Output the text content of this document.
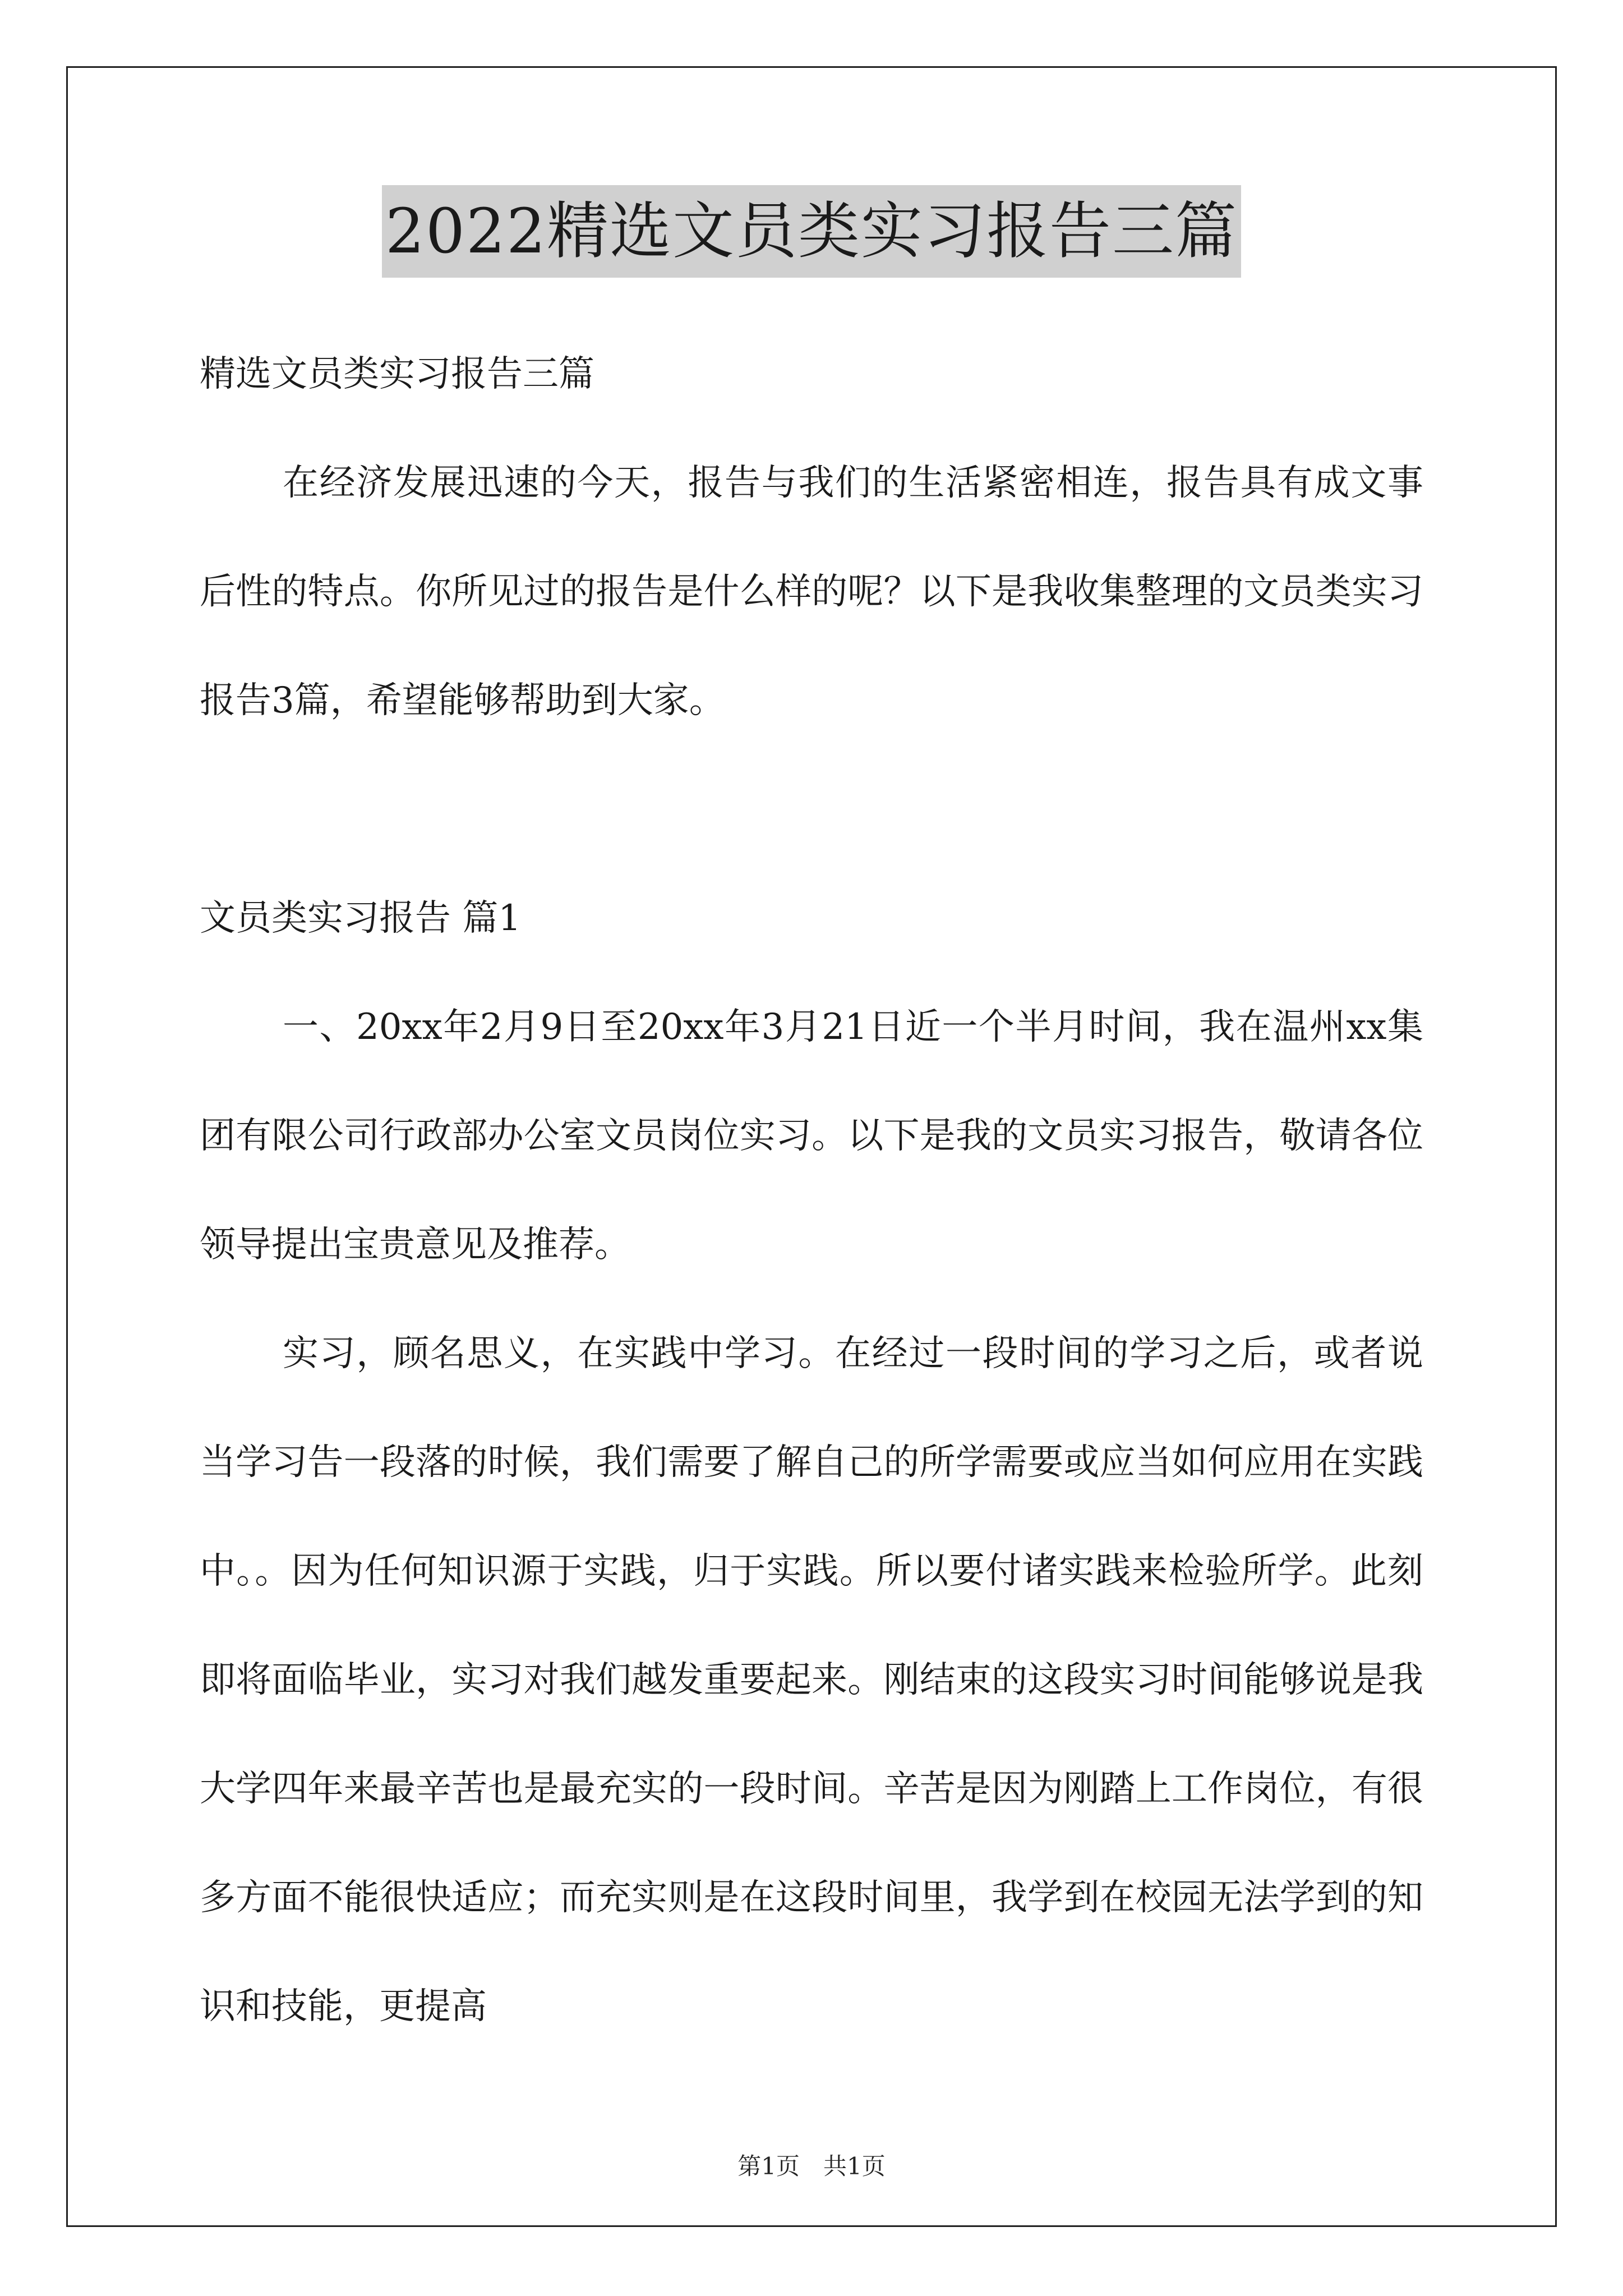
2022精选文员类实习报告三篇

精选文员类实习报告三篇

在经济发展迅速的今天，报告与我们的生活紧密相连，报告具有成文事后性的特点。你所见过的报告是什么样的呢？以下是我收集整理的文员类实习报告3篇，希望能够帮助到大家。

文员类实习报告 篇1

一、20xx年2月9日至20xx年3月21日近一个半月时间，我在温州xx集团有限公司行政部办公室文员岗位实习。以下是我的文员实习报告，敬请各位领导提出宝贵意见及推荐。

实习，顾名思义，在实践中学习。在经过一段时间的学习之后，或者说当学习告一段落的时候，我们需要了解自己的所学需要或应当如何应用在实践中。。因为任何知识源于实践，归于实践。所以要付诸实践来检验所学。此刻即将面临毕业，实习对我们越发重要起来。刚结束的这段实习时间能够说是我大学四年来最辛苦也是最充实的一段时间。辛苦是因为刚踏上工作岗位，有很多方面不能很快适应；而充实则是在这段时间里，我学到在校园无法学到的知识和技能，更提高

第1页　共1页
